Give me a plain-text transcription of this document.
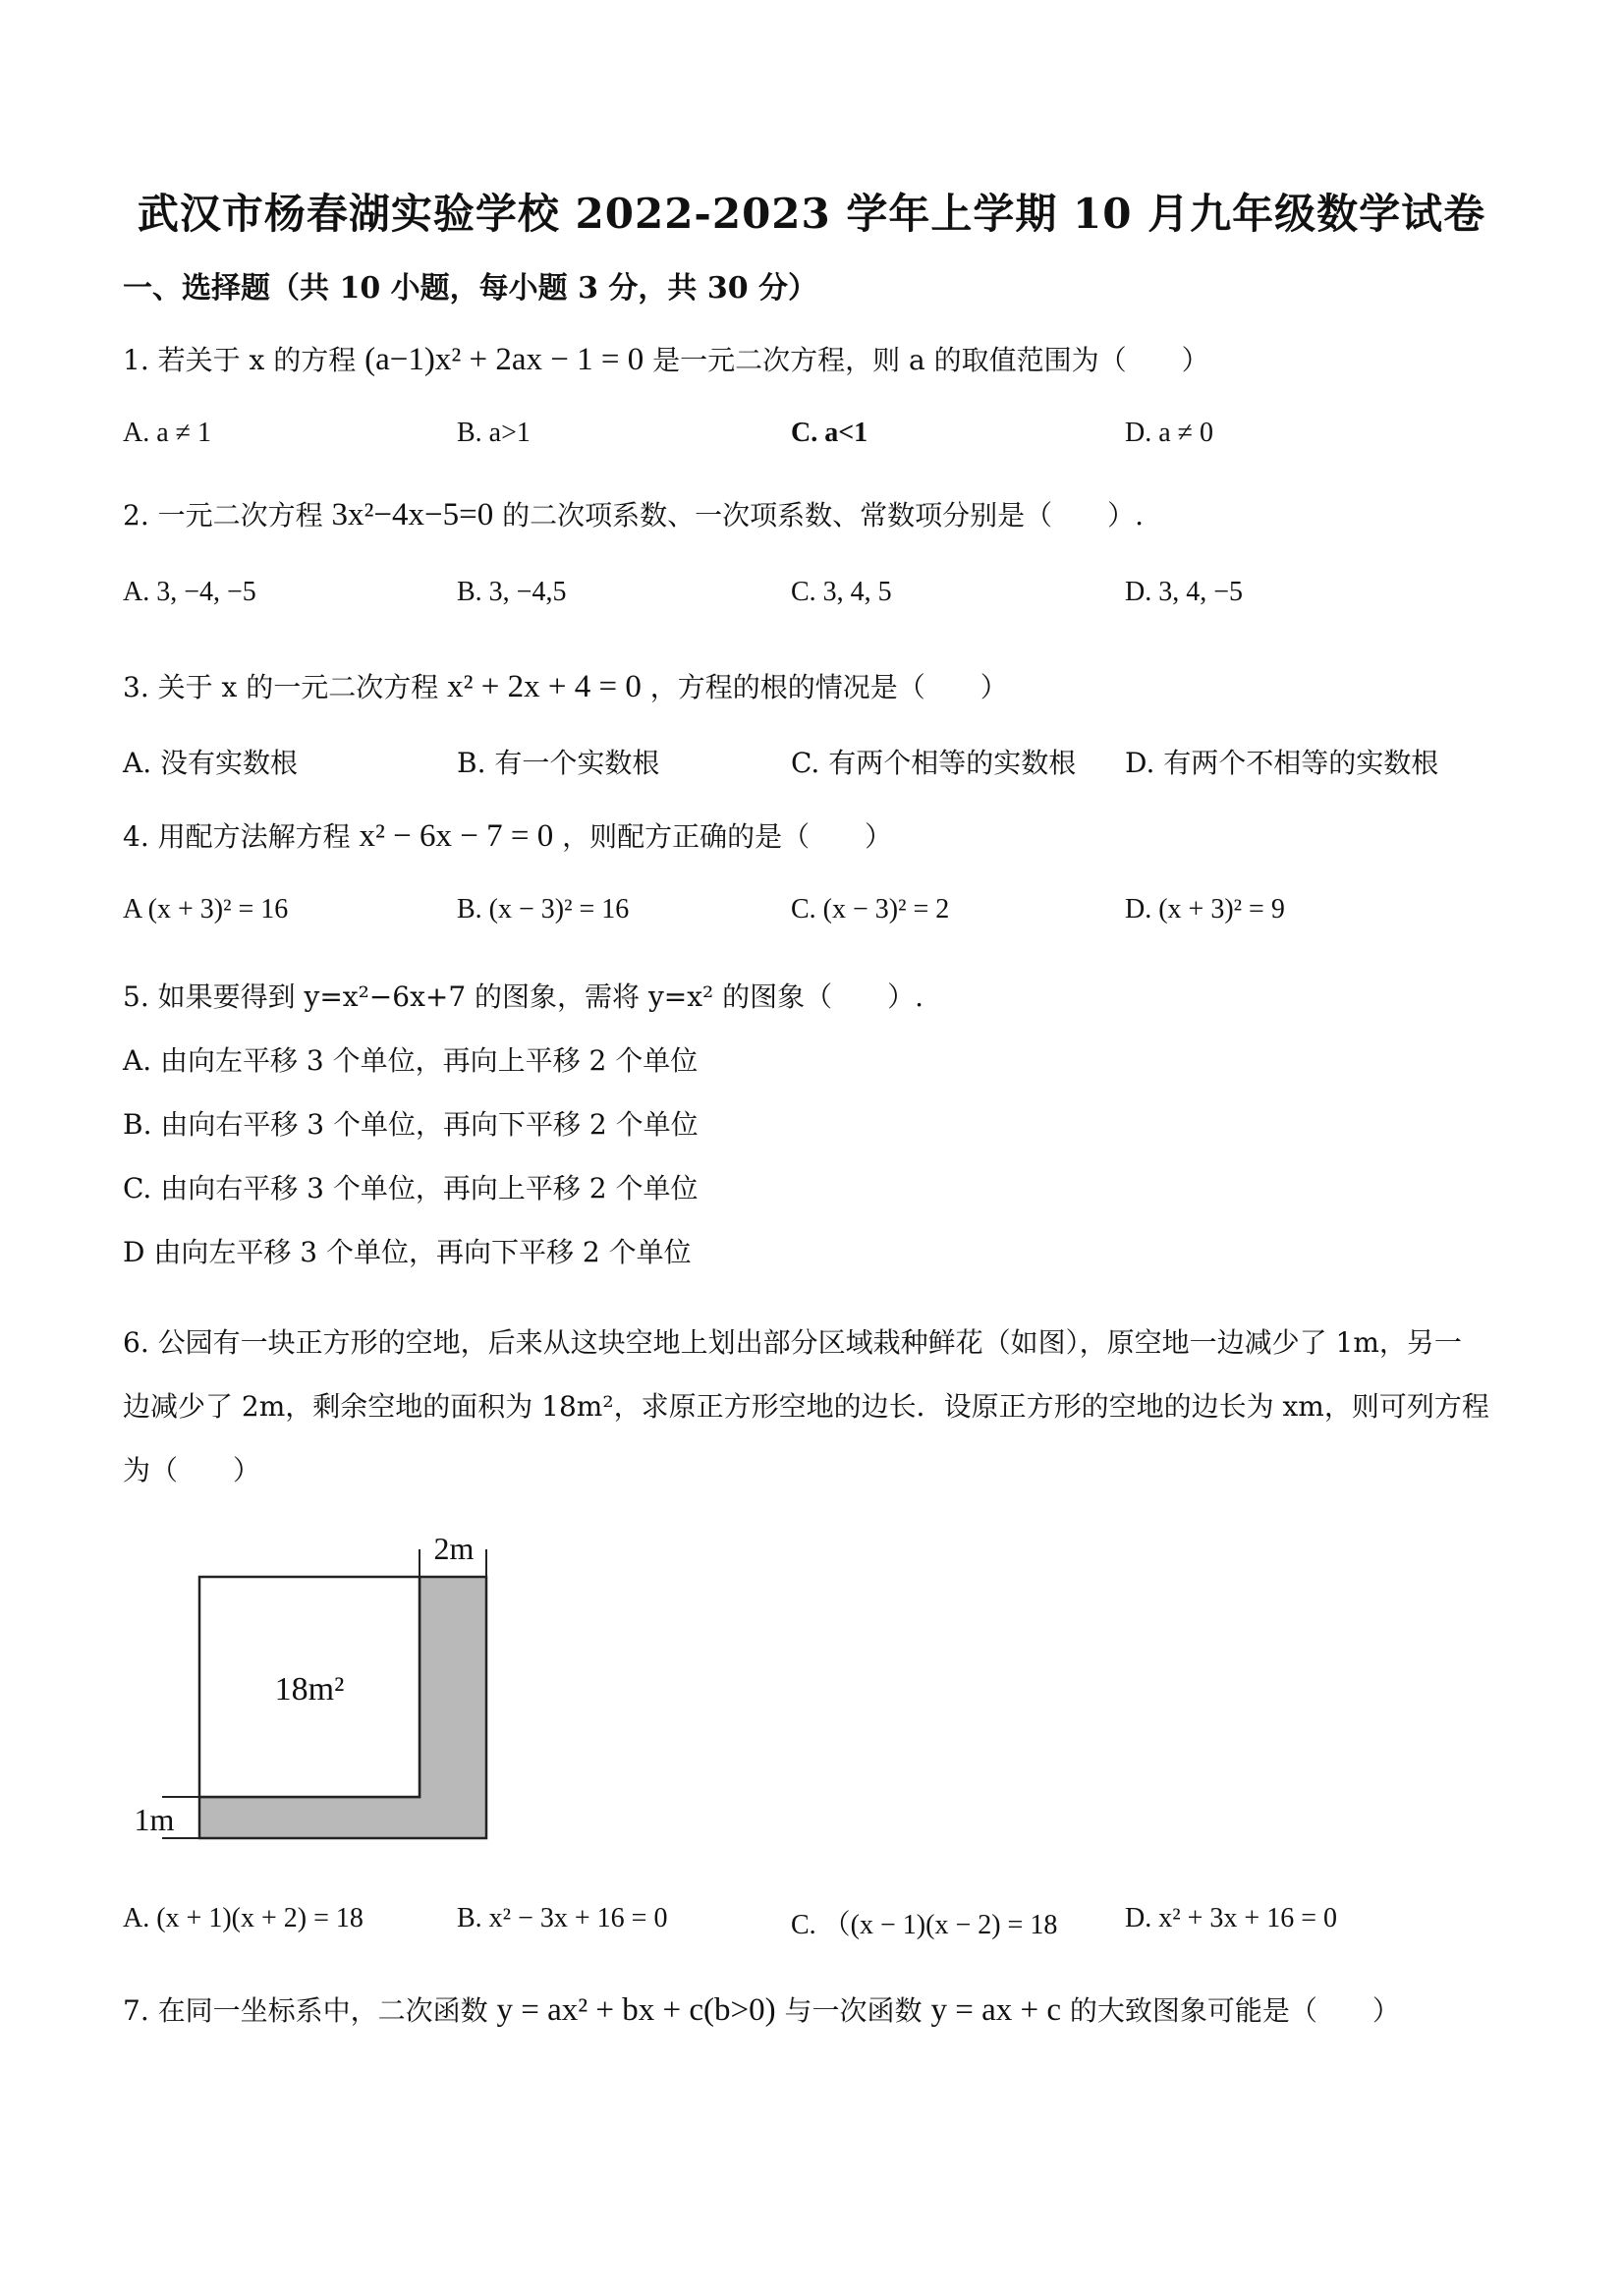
武汉市杨春湖实验学校 2022-2023 学年上学期 10 月九年级数学试卷
一、选择题（共 10 小题，每小题 3 分，共 30 分）
1. 若关于 x 的方程 (a−1)x² + 2ax − 1 = 0 是一元二次方程，则 a 的取值范围为（　　）
A. a ≠ 1	B. a>1	C. a<1	D. a ≠ 0
2. 一元二次方程 3x²−4x−5=0 的二次项系数、一次项系数、常数项分别是（　　）.
A. 3, −4, −5	B. 3, −4,5	C. 3, 4, 5	D. 3, 4, −5
3. 关于 x 的一元二次方程 x² + 2x + 4 = 0 ，方程的根的情况是（　　）
A. 没有实数根	B. 有一个实数根	C. 有两个相等的实数根 D. 有两个不相等的实数根
4. 用配方法解方程 x² − 6x − 7 = 0 ，则配方正确的是（　　）
A (x + 3)² = 16	B. (x − 3)² = 16	C. (x − 3)² = 2	D. (x + 3)² = 9
5. 如果要得到 y=x²−6x+7 的图象，需将 y=x² 的图象（　　）.
A. 由向左平移 3 个单位，再向上平移 2 个单位
B. 由向右平移 3 个单位，再向下平移 2 个单位
C. 由向右平移 3 个单位，再向上平移 2 个单位
D 由向左平移 3 个单位，再向下平移 2 个单位
6. 公园有一块正方形的空地，后来从这块空地上划出部分区域栽种鲜花（如图），原空地一边减少了 1m，另一
边减少了 2m，剩余空地的面积为 18m²，求原正方形空地的边长．设原正方形的空地的边长为 xm，则可列方程
为（　　）
18m²
2m
1m
A. (x + 1)(x + 2) = 18	B. x² − 3x + 16 = 0	C. （(x − 1)(x − 2) = 18 D. x² + 3x + 16 = 0
7. 在同一坐标系中，二次函数 y = ax² + bx + c(b>0) 与一次函数 y = ax + c 的大致图象可能是（　　）
